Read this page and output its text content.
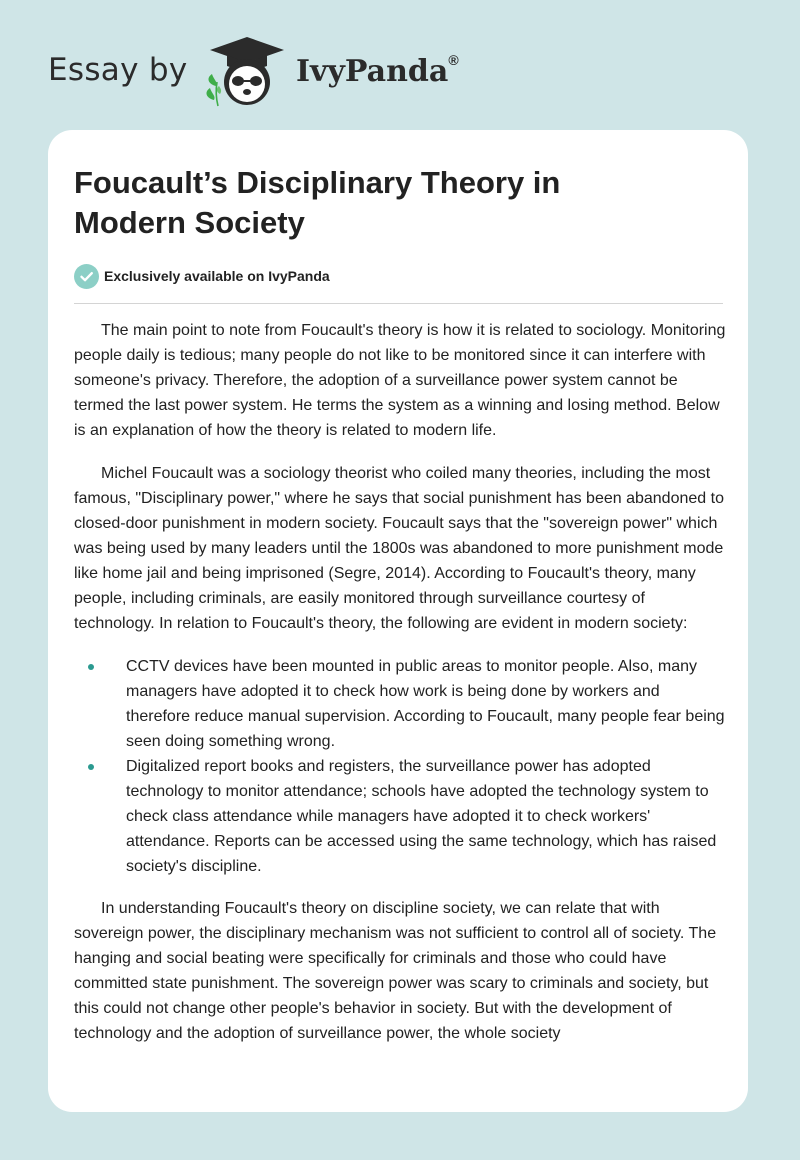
Essay by	IvyPanda®
Foucault’s Disciplinary Theory in Modern Society
Exclusively available on IvyPanda

The main point to note from Foucault's theory is how it is related to sociology. Monitoring people daily is tedious; many people do not like to be monitored since it can interfere with someone's privacy. Therefore, the adoption of a surveillance power system cannot be termed the last power system. He terms the system as a winning and losing method. Below is an explanation of how the theory is related to modern life.

Michel Foucault was a sociology theorist who coiled many theories, including the most famous, "Disciplinary power," where he says that social punishment has been abandoned to closed-door punishment in modern society. Foucault says that the "sovereign power" which was being used by many leaders until the 1800s was abandoned to more punishment mode like home jail and being imprisoned (Segre, 2014). According to Foucault's theory, many people, including criminals, are easily monitored through surveillance courtesy of technology. In relation to Foucault's theory, the following are evident in modern society:

CCTV devices have been mounted in public areas to monitor people. Also, many managers have adopted it to check how work is being done by workers and therefore reduce manual supervision. According to Foucault, many people fear being seen doing something wrong.
Digitalized report books and registers, the surveillance power has adopted technology to monitor attendance; schools have adopted the technology system to check class attendance while managers have adopted it to check workers' attendance. Reports can be accessed using the same technology, which has raised society's discipline.

In understanding Foucault's theory on discipline society, we can relate that with sovereign power, the disciplinary mechanism was not sufficient to control all of society. The hanging and social beating were specifically for criminals and those who could have committed state punishment. The sovereign power was scary to criminals and society, but this could not change other people's behavior in society. But with the development of technology and the adoption of surveillance power, the whole society
